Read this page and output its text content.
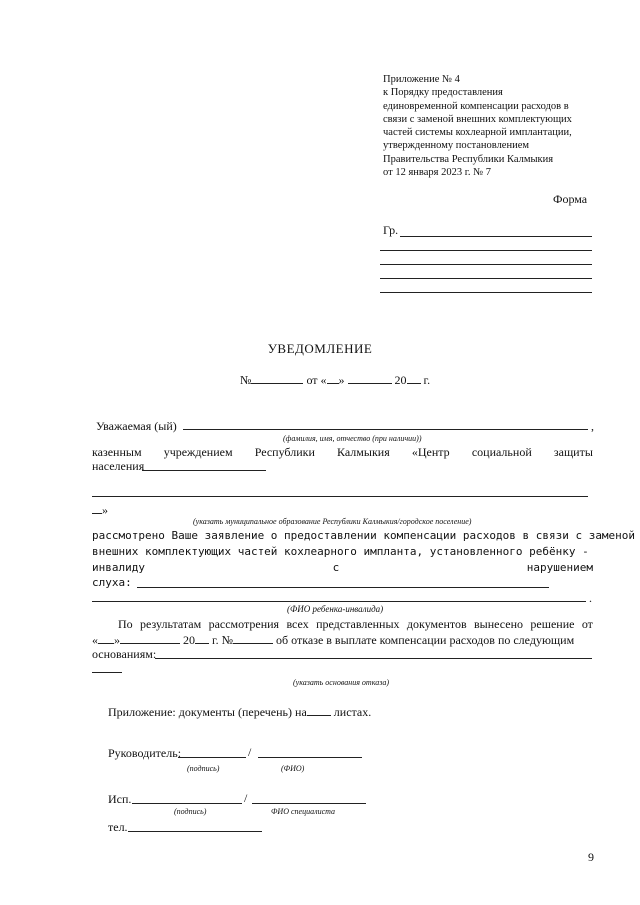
Приложение № 4
к Порядку предоставления
единовременной компенсации расходов в
связи с заменой внешних комплектующих
частей системы кохлеарной имплантации,
утвержденному постановлением
Правительства Республики Калмыкия
от 12 января 2023 г. № 7
Форма
Гр.
УВЕДОМЛЕНИЕ
№	от « »	20 г.
Уважаемая (ый)	,
(фамилия, имя, отчество (при наличии))
казенным учреждением Республики Калмыкия «Центр социальной защиты
населения
»
(указать муниципальное образование Республики Калмыкия/городское поселение)
рассмотрено Ваше заявление о предоставлении компенсации расходов в связи с заменой
внешних комплектующих частей кохлеарного импланта, установленного ребёнку -
инвалиду	с	нарушением
слуха:
.
(ФИО ребенка-инвалида)
По результатам рассмотрения всех представленных документов вынесено решение от
« »	20 г. №	об отказе в выплате компенсации расходов по следующим
основаниям:
(указать основания отказа)
Приложение: документы (перечень) на листах.
Руководитель:	/
(подпись)	(ФИО)
Исп.	/
(подпись)	ФИО специалиста
тел.
9
